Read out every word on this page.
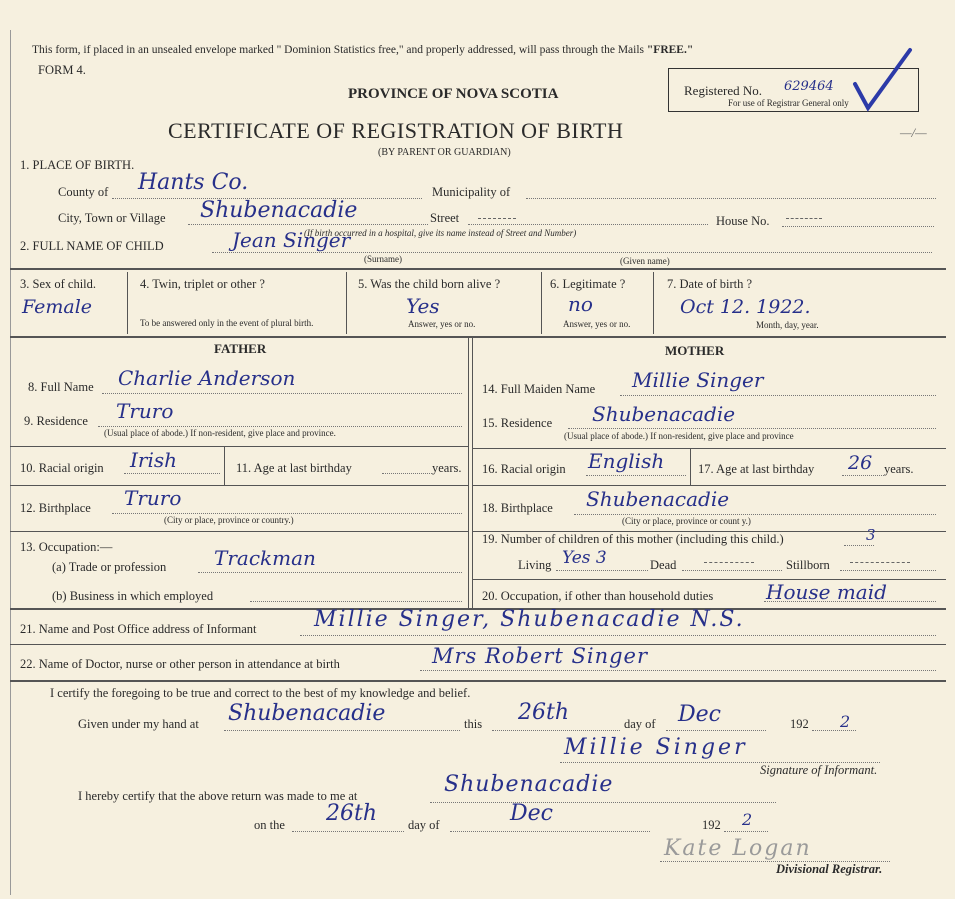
This form, if placed in an unsealed envelope marked " Dominion Statistics free," and properly addressed, will pass through the Mails "FREE."
FORM 4.
PROVINCE OF NOVA SCOTIA	Registered No. 629464
For use of Registrar General only
—/—
CERTIFICATE OF REGISTRATION OF BIRTH
(BY PARENT OR GUARDIAN)
1. PLACE OF BIRTH.
County of Hants Co.	Municipality of
City, Town or Village Shubenacadie	Street	House No.
(If birth occurred in a hospital, give its name instead of Street and Number)
2. FULL NAME OF CHILD	Jean Singer
(Surname)	(Given name)
3. Sex of child.
Female
4. Twin, triplet or other ?
To be answered only in the event of plural birth.
5. Was the child born alive ?
Yes
Answer, yes or no.
6. Legitimate ?
no
Answer, yes or no.
7. Date of birth ?
Oct 12. 1922.
Month, day, year.
FATHER	MOTHER
8. Full Name Charlie Anderson
9. Residence Truro
(Usual place of abode.) If non-resident, give place and province.
10. Racial origin Irish	11. Age at last birthday	years.
12. Birthplace Truro
(City or place, province or country.)
13. Occupation:—
(a) Trade or profession Trackman
(b) Business in which employed
14. Full Maiden Name Millie Singer
15. Residence Shubenacadie
(Usual place of abode.) If non-resident, give place and province
16. Racial origin English	17. Age at last birthday 26 years.
18. Birthplace Shubenacadie
(City or place, province or count y.)
19. Number of children of this mother (including this child.)	3
Living Yes 3	Dead	Stillborn
20. Occupation, if other than household duties	House maid
21. Name and Post Office address of Informant	Millie Singer, Shubenacadie N.S.
22. Name of Doctor, nurse or other person in attendance at birth	Mrs Robert Singer
I certify the foregoing to be true and correct to the best of my knowledge and belief.
Given under my hand at Shubenacadie	this 26th	day of Dec	192 2
Millie Singer
Signature of Informant.
I hereby certify that the above return was made to me at	Shubenacadie
on the 26th day of	Dec	192 2
Kate Logan
Divisional Registrar.
